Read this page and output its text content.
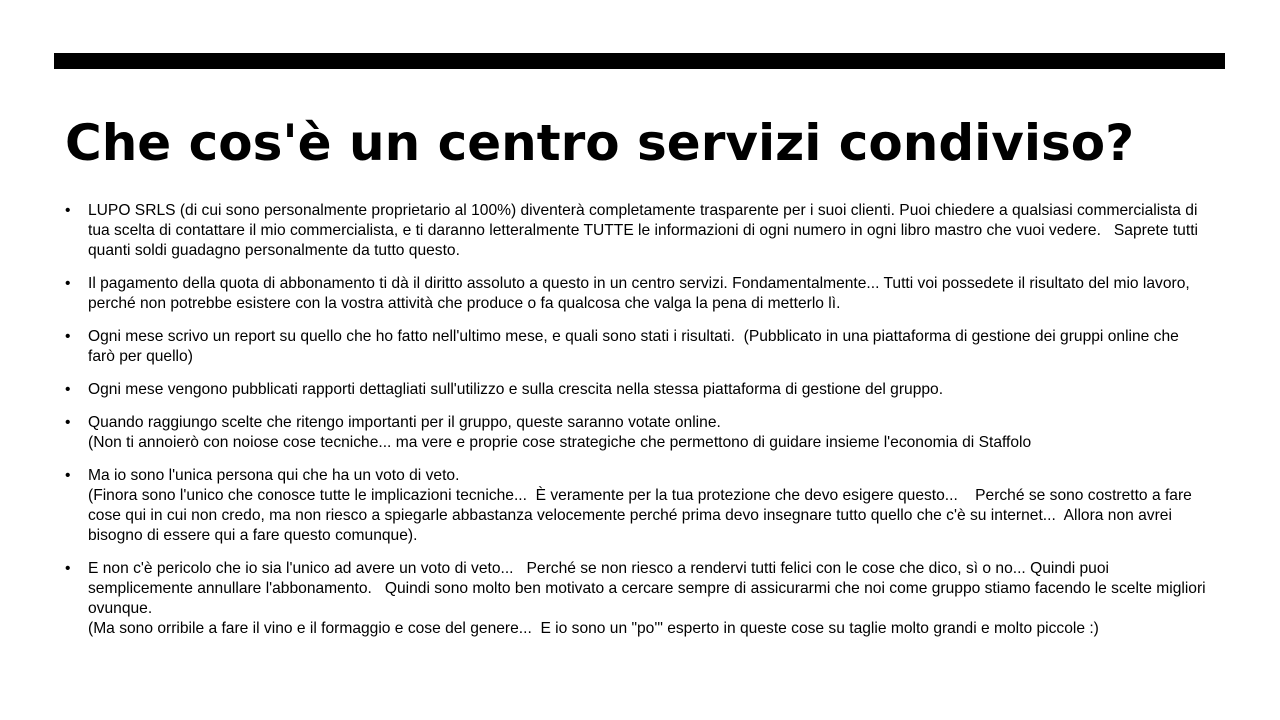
Che cos'è un centro servizi condiviso?
• LUPO SRLS (di cui sono personalmente proprietario al 100%) diventerà completamente trasparente per i suoi clienti. Puoi chiedere a qualsiasi commercialista di tua scelta di contattare il mio commercialista, e ti daranno letteralmente TUTTE le informazioni di ogni numero in ogni libro mastro che vuoi vedere.   Saprete tutti quanti soldi guadagno personalmente da tutto questo.
• Il pagamento della quota di abbonamento ti dà il diritto assoluto a questo in un centro servizi. Fondamentalmente... Tutti voi possedete il risultato del mio lavoro, perché non potrebbe esistere con la vostra attività che produce o fa qualcosa che valga la pena di metterlo lì.
• Ogni mese scrivo un report su quello che ho fatto nell'ultimo mese, e quali sono stati i risultati.  (Pubblicato in una piattaforma di gestione dei gruppi online che farò per quello)
• Ogni mese vengono pubblicati rapporti dettagliati sull'utilizzo e sulla crescita nella stessa piattaforma di gestione del gruppo.
• Quando raggiungo scelte che ritengo importanti per il gruppo, queste saranno votate online.
(Non ti annoierò con noiose cose tecniche... ma vere e proprie cose strategiche che permettono di guidare insieme l'economia di Staffolo
• Ma io sono l'unica persona qui che ha un voto di veto.
(Finora sono l'unico che conosce tutte le implicazioni tecniche...  È veramente per la tua protezione che devo esigere questo...    Perché se sono costretto a fare cose qui in cui non credo, ma non riesco a spiegarle abbastanza velocemente perché prima devo insegnare tutto quello che c'è su internet...  Allora non avrei bisogno di essere qui a fare questo comunque).
• E non c'è pericolo che io sia l'unico ad avere un voto di veto...   Perché se non riesco a rendervi tutti felici con le cose che dico, sì o no... Quindi puoi semplicemente annullare l'abbonamento.   Quindi sono molto ben motivato a cercare sempre di assicurarmi che noi come gruppo stiamo facendo le scelte migliori ovunque.
(Ma sono orribile a fare il vino e il formaggio e cose del genere...  E io sono un "po'" esperto in queste cose su taglie molto grandi e molto piccole :)
